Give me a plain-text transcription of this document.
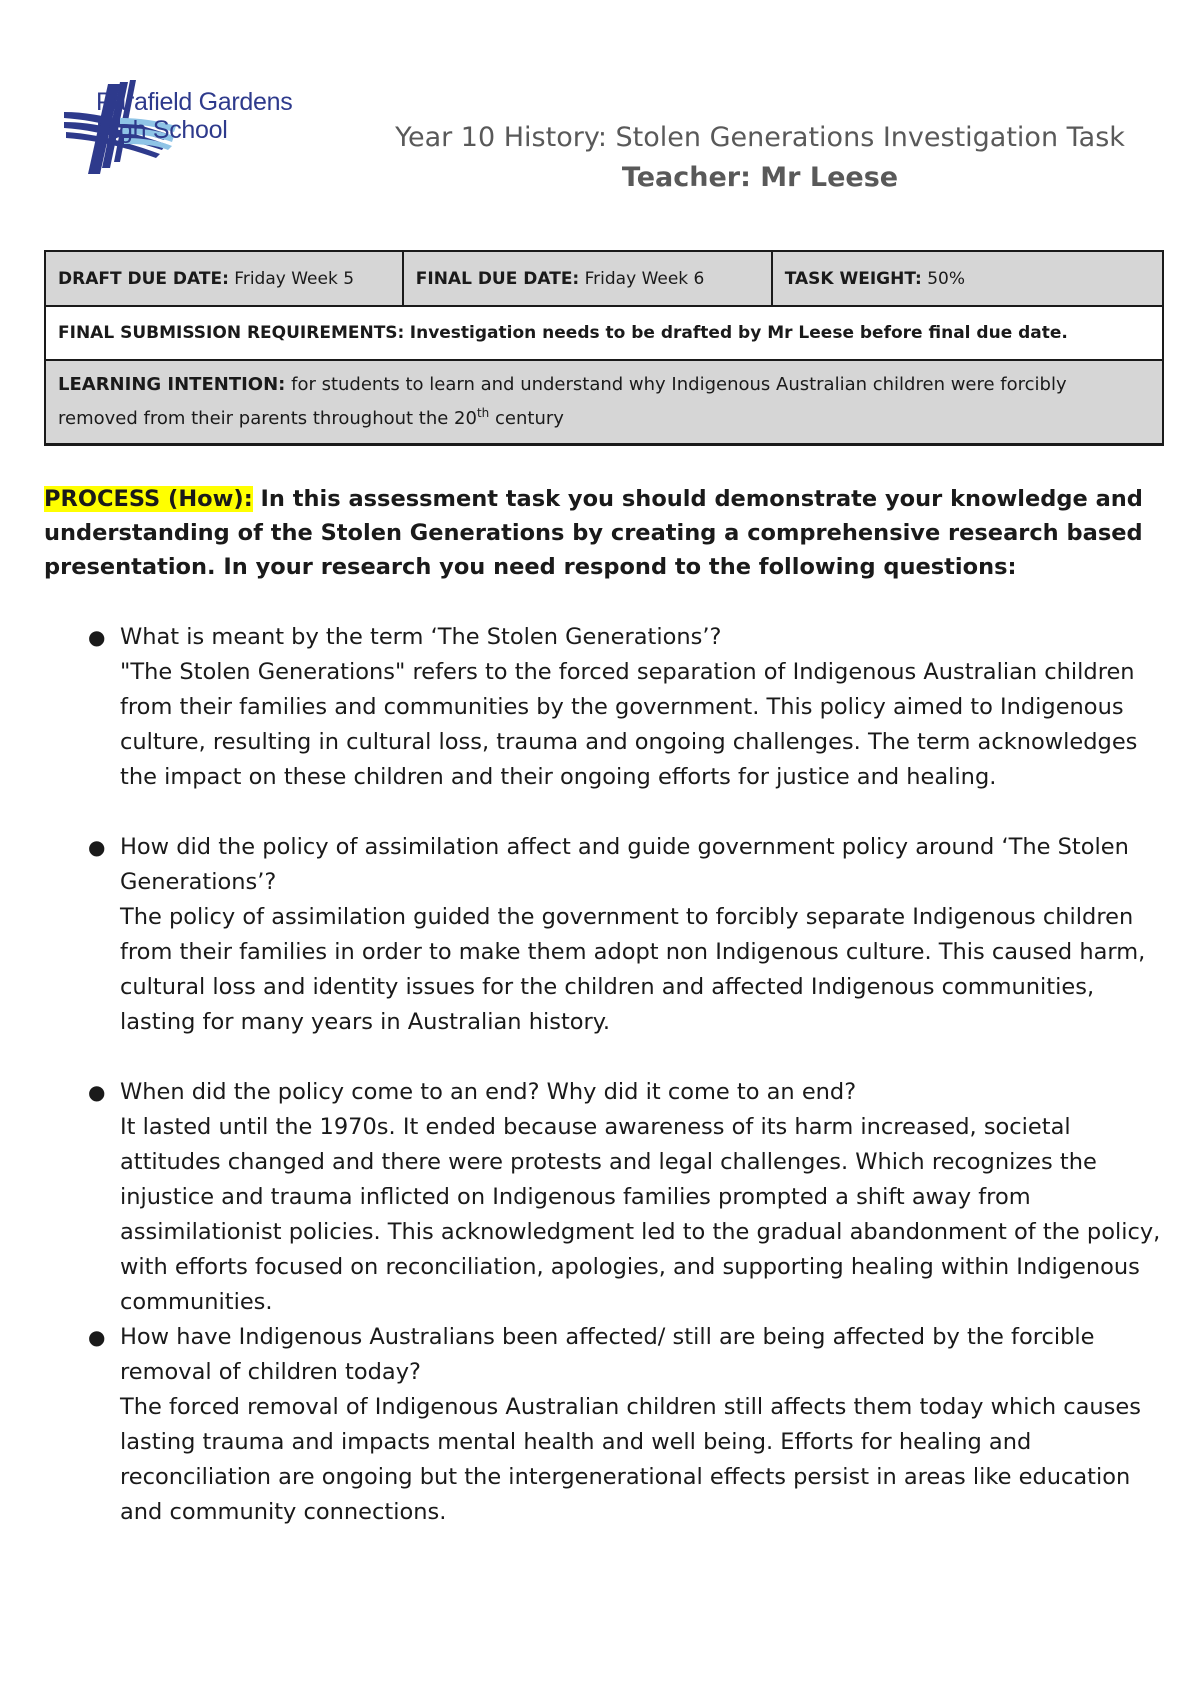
Parafield Gardens
High School	Year 10 History: Stolen Generations Investigation Task
Teacher: Mr Leese
DRAFT DUE DATE: Friday Week 5	FINAL DUE DATE: Friday Week 6	TASK WEIGHT: 50%
FINAL SUBMISSION REQUIREMENTS: Investigation needs to be drafted by Mr Leese before final due date.
LEARNING INTENTION: for students to learn and understand why Indigenous Australian children were forcibly removed from their parents throughout the 20th century
PROCESS (How): In this assessment task you should demonstrate your knowledge and understanding of the Stolen Generations by creating a comprehensive research based presentation. In your research you need respond to the following questions:
● What is meant by the term ‘The Stolen Generations’?
"The Stolen Generations" refers to the forced separation of Indigenous Australian children from their families and communities by the government. This policy aimed to Indigenous culture, resulting in cultural loss, trauma and ongoing challenges. The term acknowledges the impact on these children and their ongoing efforts for justice and healing.
● How did the policy of assimilation affect and guide government policy around ‘The Stolen Generations’?
The policy of assimilation guided the government to forcibly separate Indigenous children from their families in order to make them adopt non Indigenous culture. This caused harm, cultural loss and identity issues for the children and affected Indigenous communities, lasting for many years in Australian history.
● When did the policy come to an end? Why did it come to an end?
It lasted until the 1970s. It ended because awareness of its harm increased, societal attitudes changed and there were protests and legal challenges. Which recognizes the injustice and trauma inflicted on Indigenous families prompted a shift away from assimilationist policies. This acknowledgment led to the gradual abandonment of the policy, with efforts focused on reconciliation, apologies, and supporting healing within Indigenous communities.
● How have Indigenous Australians been affected/ still are being affected by the forcible removal of children today?
The forced removal of Indigenous Australian children still affects them today which causes lasting trauma and impacts mental health and well being. Efforts for healing and reconciliation are ongoing but the intergenerational effects persist in areas like education and community connections.
